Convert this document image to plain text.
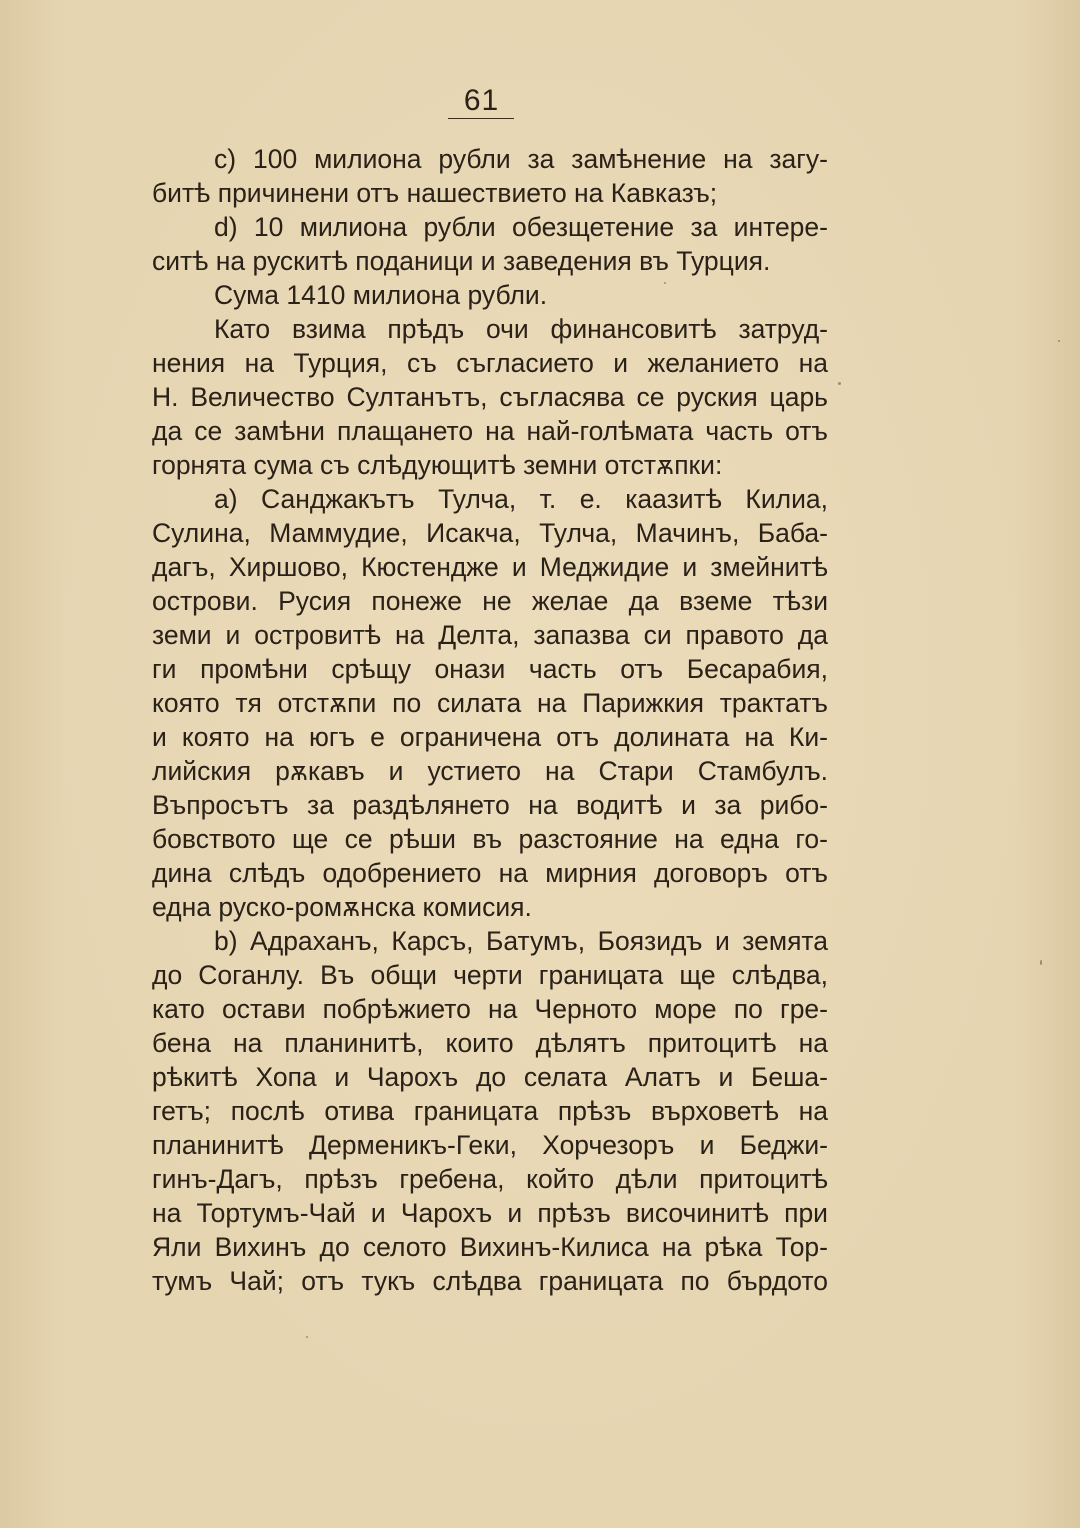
61
c) 100 милиона рубли за замѣнение на загу-
битѣ причинени отъ нашествието на Кавказъ;
d) 10 милиона рубли обезщетение за интере-
ситѣ на рускитѣ поданици и заведения въ Турция.
Сума 1410 милиона рубли.
Като взима прѣдъ очи финансовитѣ затруд-
нения на Турция, съ съгласието и желанието на
Н. Величество Султанътъ, съгласява се руския царь
да се замѣни плащането на най-голѣмата часть отъ
горнята сума съ слѣдующитѣ земни отстѫпки:
a) Санджакътъ Тулча, т. е. каазитѣ Килиа,
Сулина, Маммудие, Исакча, Тулча, Мачинъ, Баба-
дагъ, Хиршово, Кюстендже и Меджидие и змейнитѣ
острови. Русия понеже не желае да вземе тѣзи
земи и островитѣ на Делта, запазва си правото да
ги промѣни срѣщу онази часть отъ Бесарабия,
която тя отстѫпи по силата на Парижкия трактатъ
и която на югъ е ограничена отъ долината на Ки-
лийския рѫкавъ и устието на Стари Стамбулъ.
Въпросътъ за раздѣлянето на водитѣ и за рибо-
бовството ще се рѣши въ разстояние на една го-
дина слѣдъ одобрението на мирния договоръ отъ
една руско-ромѫнска комисия.
b) Адраханъ, Карсъ, Батумъ, Боязидъ и земята
до Соганлу. Въ общи черти границата ще слѣдва,
като остави побрѣжието на Черното море по гре-
бена на планинитѣ, които дѣлятъ притоцитѣ на
рѣкитѣ Хопа и Чарохъ до селата Алатъ и Беша-
гетъ; послѣ отива границата прѣзъ върховетѣ на
планинитѣ Дерменикъ-Геки, Хорчезоръ и Беджи-
гинъ-Дагъ, прѣзъ гребена, който дѣли притоцитѣ
на Тортумъ-Чай и Чарохъ и прѣзъ височинитѣ при
Яли Вихинъ до селото Вихинъ-Килиса на рѣка Тор-
тумъ Чай; отъ тукъ слѣдва границата по бърдото
